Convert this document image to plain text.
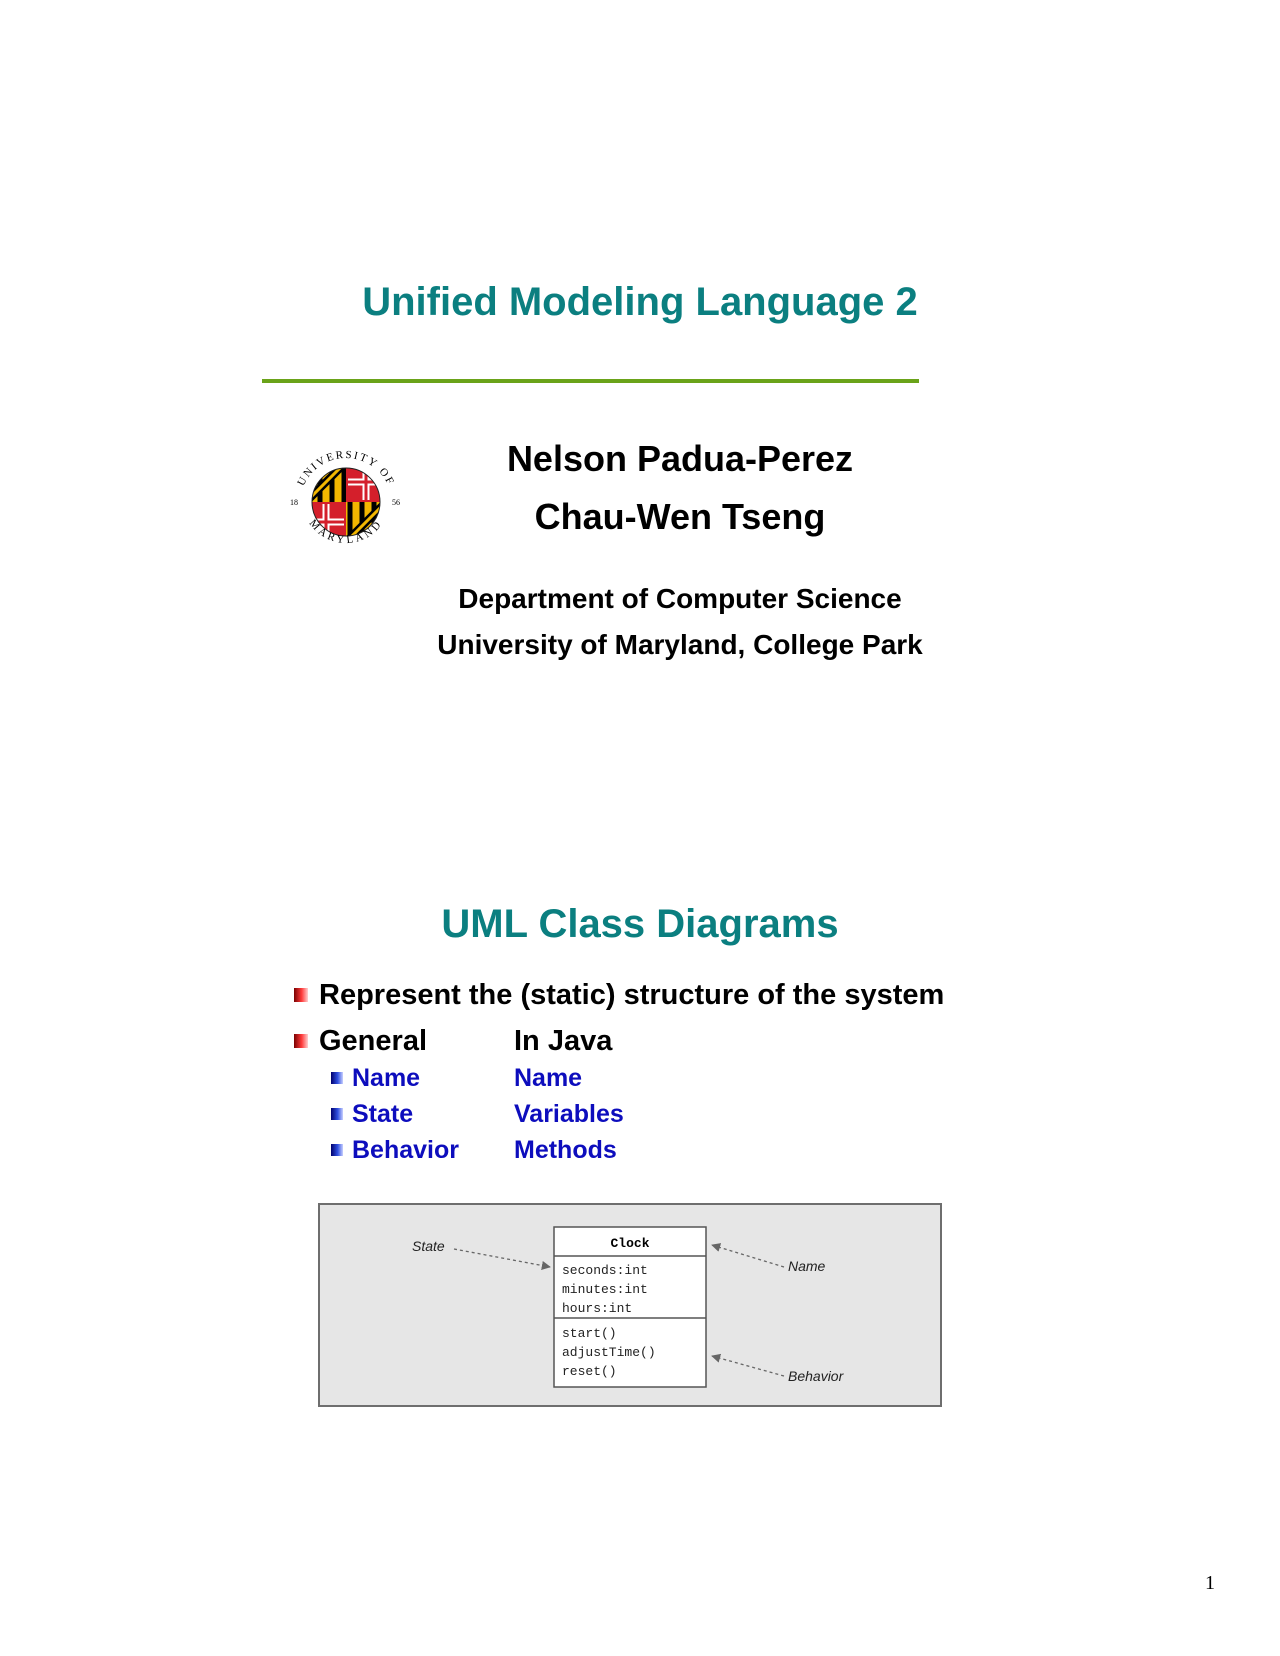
Unified Modeling Language 2
UNIVERSITY OF
MARYLAND
18	56
Nelson Padua-Perez
Chau-Wen Tseng
Department of Computer Science
University of Maryland, College Park
UML Class Diagrams
Represent the (static) structure of the system
General	In Java
Name	Name
State	Variables
Behavior Methods
Clock
seconds:int
minutes:int
hours:int
start()
adjustTime()
reset()
State
Name
Behavior
1
